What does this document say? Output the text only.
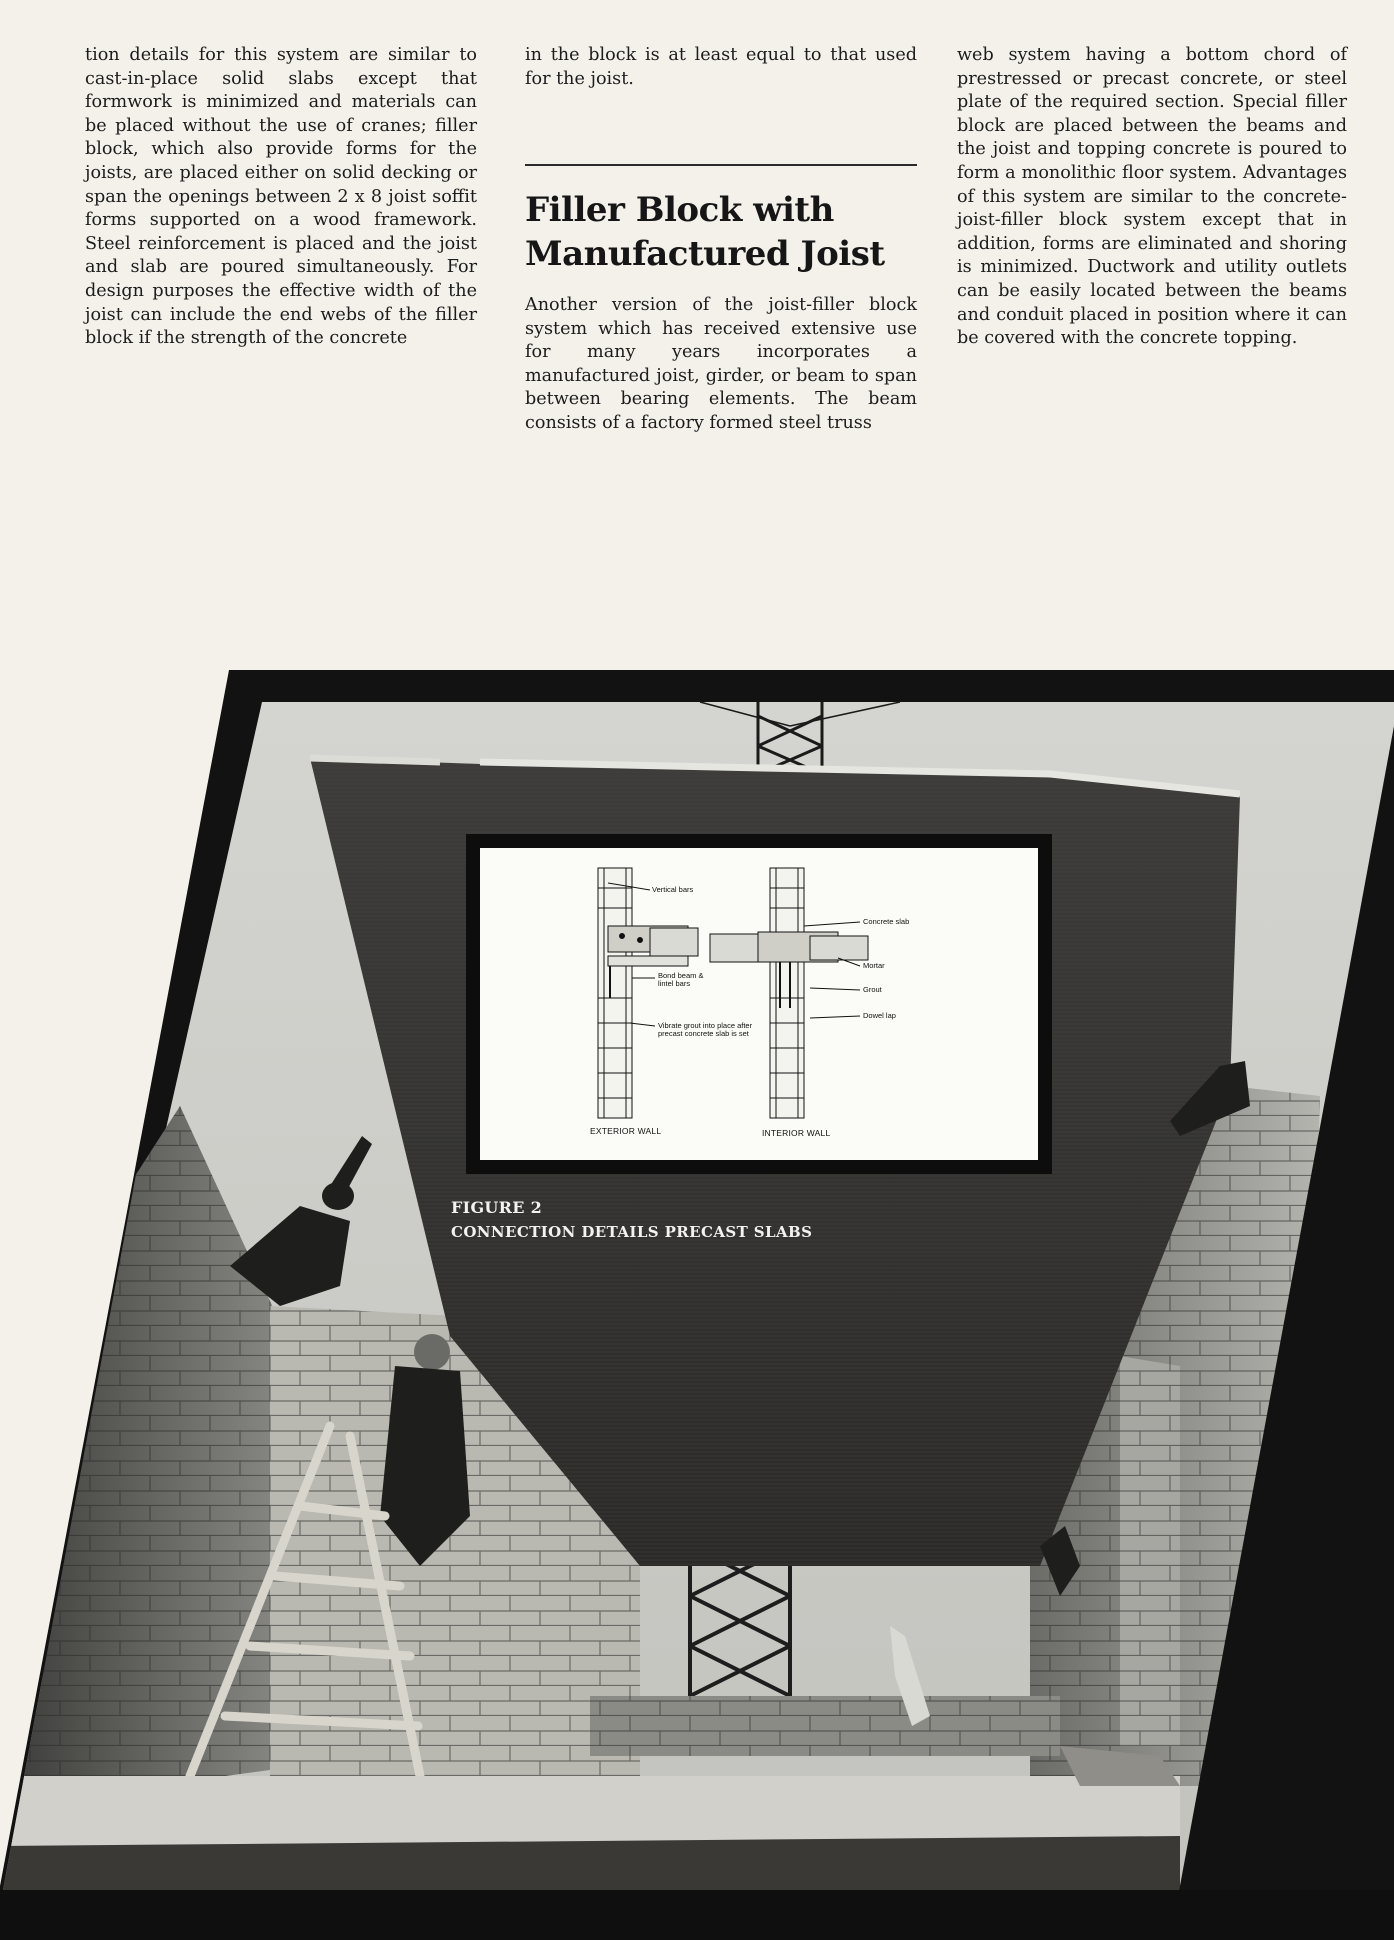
tion details for this system are similar to cast-in-place solid slabs except that formwork is minimized and materials can be placed without the use of cranes; filler block, which also provide forms for the joists, are placed either on solid decking or span the openings between 2 x 8 joist soffit forms supported on a wood framework. Steel reinforcement is placed and the joist and slab are poured simultaneously. For design purposes the effective width of the joist can include the end webs of the filler block if the strength of the concrete

in the block is at least equal to that used for the joist.

Filler Block with
Manufactured Joist

Another version of the joist-filler block system which has received extensive use for many years incorporates a manufactured joist, girder, or beam to span between bearing elements. The beam consists of a factory formed steel truss

web system having a bottom chord of prestressed or precast concrete, or steel plate of the required section. Special filler block are placed between the beams and the joist and topping concrete is poured to form a monolithic floor system. Advantages of this system are similar to the concrete-joist-filler block system except that in addition, forms are eliminated and shoring is minimized. Ductwork and utility outlets can be easily located between the beams and conduit placed in position where it can be covered with the concrete topping.

Vertical bars
Bond beam &
lintel bars
Vibrate grout into place after
precast concrete slab is set
Concrete slab
Mortar
Grout
Dowel lap
EXTERIOR WALL	INTERIOR WALL
FIGURE 2
CONNECTION DETAILS PRECAST SLABS
